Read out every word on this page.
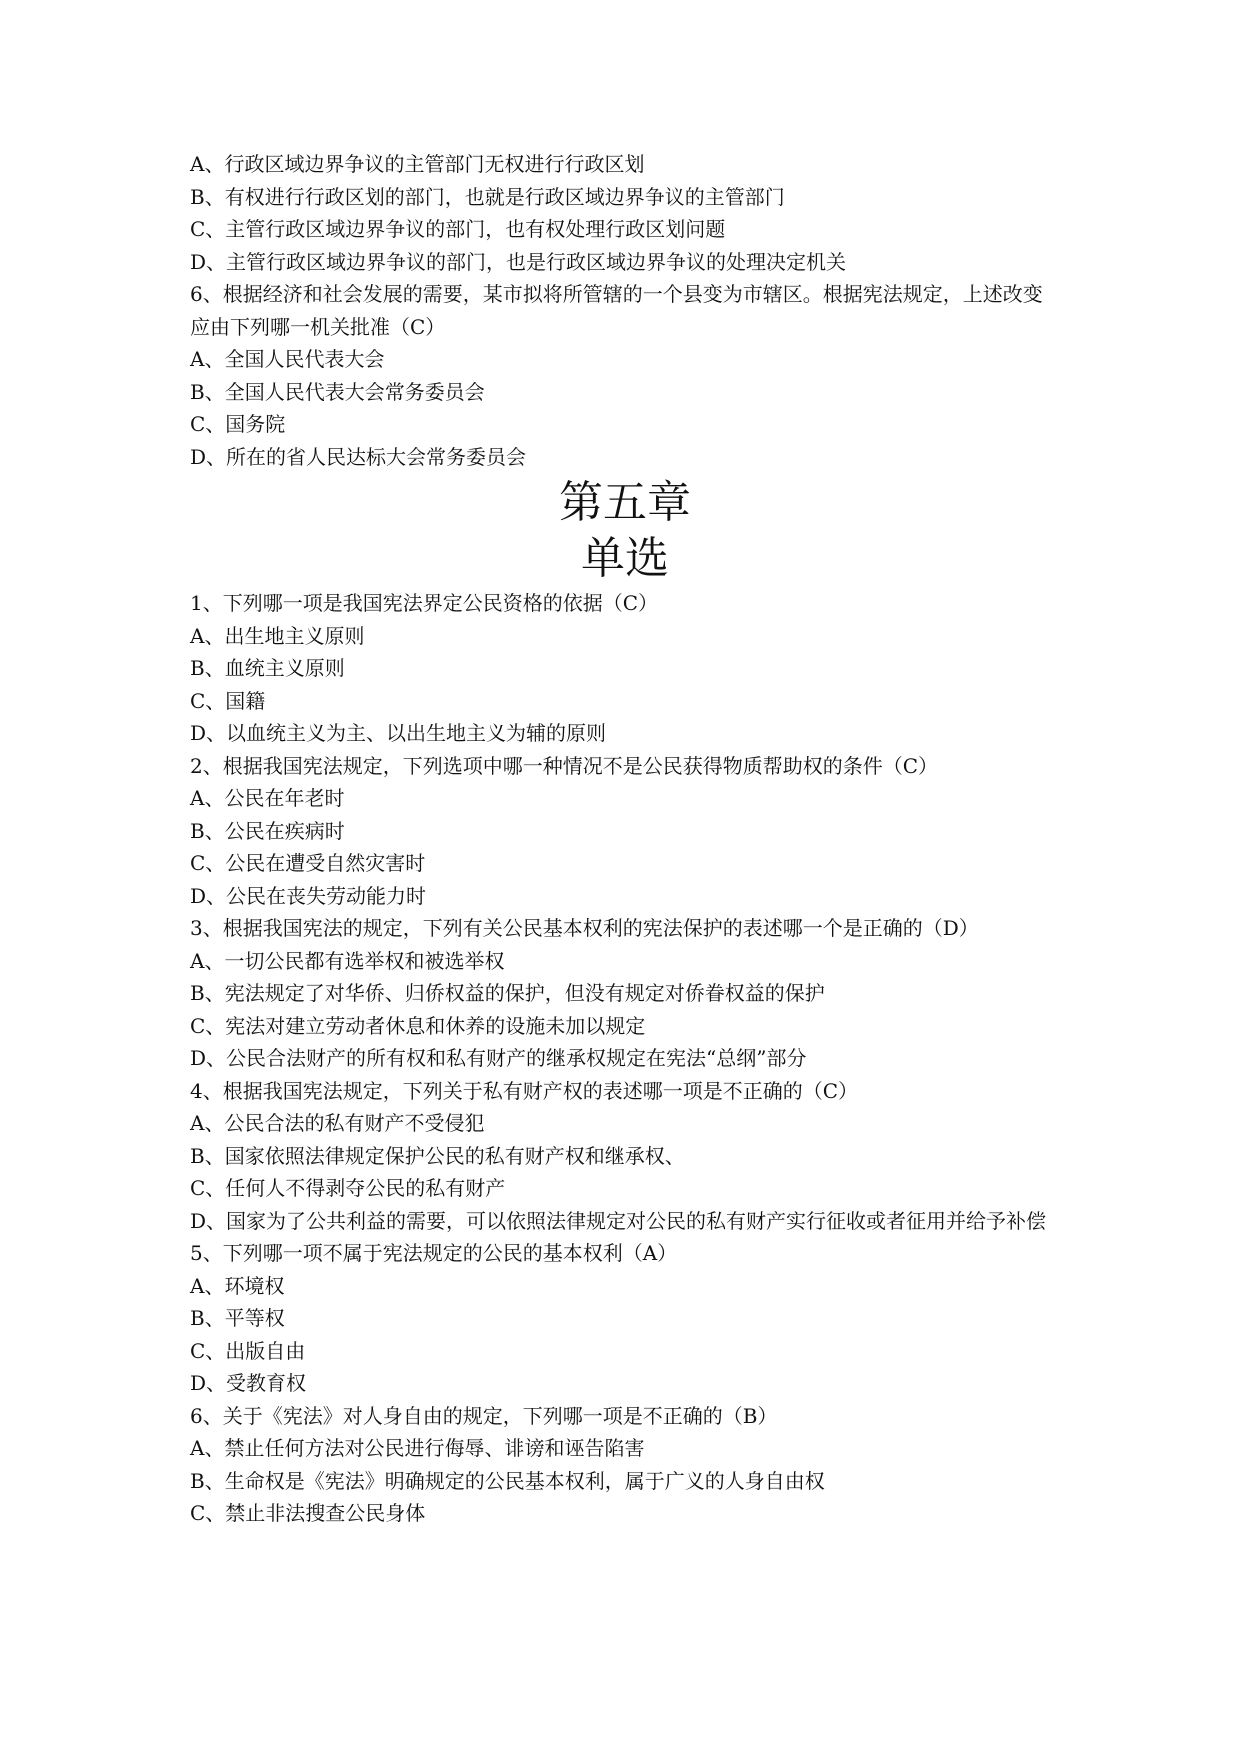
A、行政区域边界争议的主管部门无权进行行政区划
B、有权进行行政区划的部门，也就是行政区域边界争议的主管部门
C、主管行政区域边界争议的部门，也有权处理行政区划问题
D、主管行政区域边界争议的部门，也是行政区域边界争议的处理决定机关
6、根据经济和社会发展的需要，某市拟将所管辖的一个县变为市辖区。根据宪法规定，上述改变应由下列哪一机关批准（C）
A、全国人民代表大会
B、全国人民代表大会常务委员会
C、国务院
D、所在的省人民达标大会常务委员会
第五章
单选
1、下列哪一项是我国宪法界定公民资格的依据（C）
A、出生地主义原则
B、血统主义原则
C、国籍
D、以血统主义为主、以出生地主义为辅的原则
2、根据我国宪法规定，下列选项中哪一种情况不是公民获得物质帮助权的条件（C）
A、公民在年老时
B、公民在疾病时
C、公民在遭受自然灾害时
D、公民在丧失劳动能力时
3、根据我国宪法的规定，下列有关公民基本权利的宪法保护的表述哪一个是正确的（D）
A、一切公民都有选举权和被选举权
B、宪法规定了对华侨、归侨权益的保护，但没有规定对侨眷权益的保护
C、宪法对建立劳动者休息和休养的设施未加以规定
D、公民合法财产的所有权和私有财产的继承权规定在宪法“总纲”部分
4、根据我国宪法规定，下列关于私有财产权的表述哪一项是不正确的（C）
A、公民合法的私有财产不受侵犯
B、国家依照法律规定保护公民的私有财产权和继承权、
C、任何人不得剥夺公民的私有财产
D、国家为了公共利益的需要，可以依照法律规定对公民的私有财产实行征收或者征用并给予补偿
5、下列哪一项不属于宪法规定的公民的基本权利（A）
A、环境权
B、平等权
C、出版自由
D、受教育权
6、关于《宪法》对人身自由的规定，下列哪一项是不正确的（B）
A、禁止任何方法对公民进行侮辱、诽谤和诬告陷害
B、生命权是《宪法》明确规定的公民基本权利，属于广义的人身自由权
C、禁止非法搜查公民身体
